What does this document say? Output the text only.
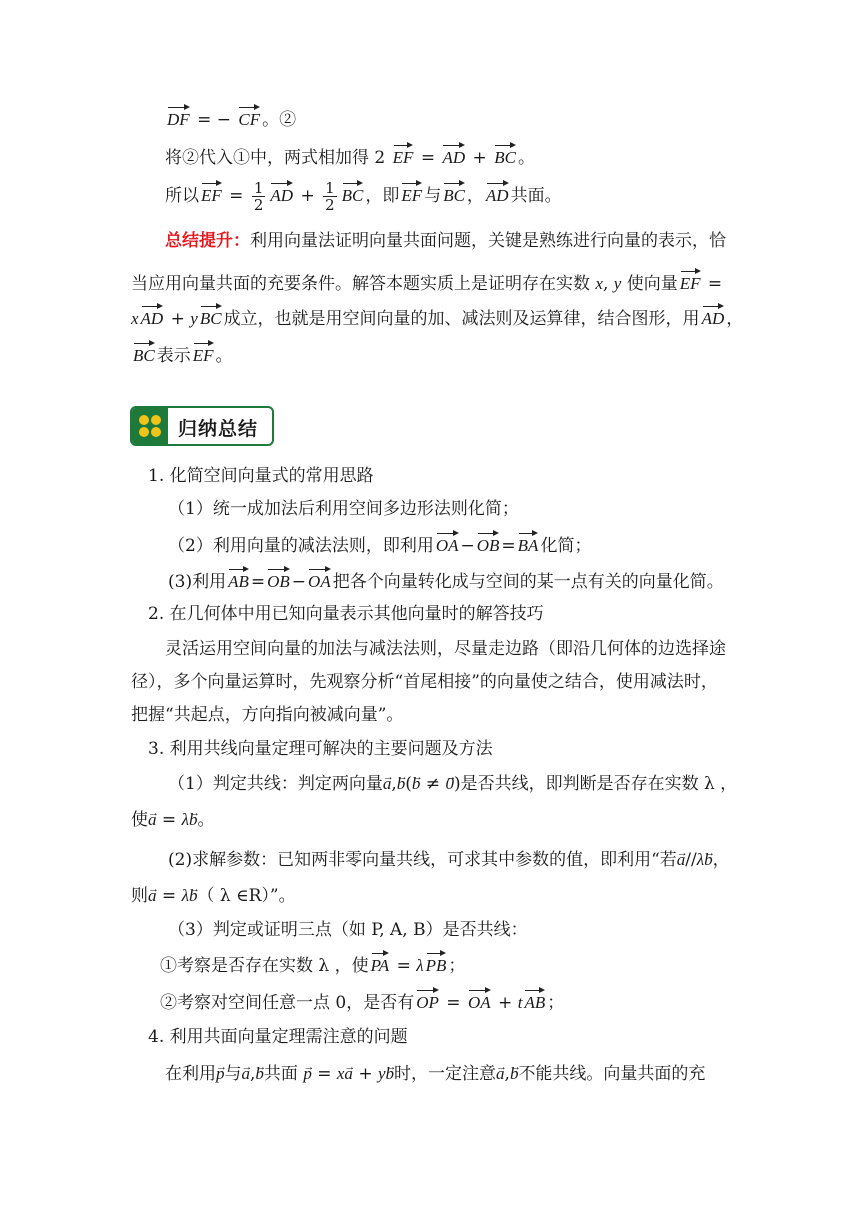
DF = − CF 。②
将②代入①中，两式相加得 2 EF = AD + BC 。
所以 EF = $\frac{1}{2}$ AD + $\frac{1}{2}$ BC ，即 EF 与 BC ， AD 共面。
总结提升：利用向量法证明向量共面问题，关键是熟练进行向量的表示，恰
当应用向量共面的充要条件。解答本题实质上是证明存在实数 x, y 使向量 EF =
x AD + y BC 成立，也就是用空间向量的加、减法则及运算律，结合图形，用 AD ，
BC 表示 EF 。
归纳总结
1. 化简空间向量式的常用思路
（1）统一成加法后利用空间多边形法则化简；
（2）利用向量的减法法则，即利用 OA − OB = BA 化简；
(3)利用 AB = OB − OA 把各个向量转化成与空间的某一点有关的向量化简。
2. 在几何体中用已知向量表示其他向量时的解答技巧
灵活运用空间向量的加法与减法法则，尽量走边路（即沿几何体的边选择途
径），多个向量运算时，先观察分析“首尾相接”的向量使之结合，使用减法时，
把握“共起点，方向指向被减向量”。
3. 利用共线向量定理可解决的主要问题及方法
（1）判定共线：判定两向量a →,b →(b → ≠ 0 →)是否共线，即判断是否存在实数 λ ，
使a → = λb →。
(2)求解参数：已知两非零向量共线，可求其中参数的值，即利用“若a →//λb →，
则a → = λb →（ λ ∈R）”。
（3）判定或证明三点（如 P, A, B）是否共线：
①考察是否存在实数 λ ，使 PA = λ PB ；
②考察对空间任意一点 0，是否有 OP = OA + t AB ；
4. 利用共面向量定理需注意的问题
在利用p →与a →,b →共面 p → = xa → + yb →时，一定注意a →,b →不能共线。向量共面的充
